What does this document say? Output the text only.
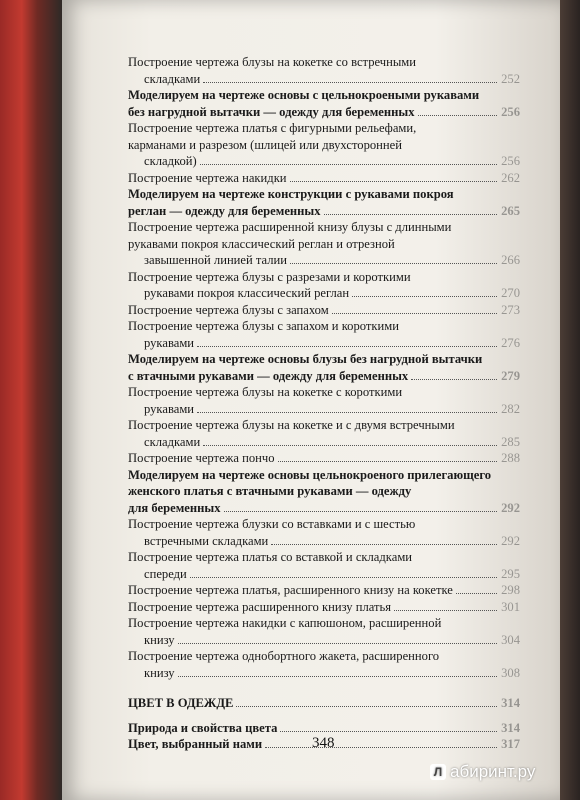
Построение чертежа блузы на кокетке со встречными
складками	252
Моделируем на чертеже основы с цельнокроеными рукавами
без нагрудной вытачки — одежду для беременных	256
Построение чертежа платья с фигурными рельефами,
карманами и разрезом (шлицей или двухсторонней
складкой)	256
Построение чертежа накидки	262
Моделируем на чертеже конструкции с рукавами покроя
реглан — одежду для беременных	265
Построение чертежа расширенной книзу блузы с длинными
рукавами покроя классический реглан и отрезной
завышенной линией талии	266
Построение чертежа блузы с разрезами и короткими
рукавами покроя классический реглан	270
Построение чертежа блузы с запахом	273
Построение чертежа блузы с запахом и короткими
рукавами	276
Моделируем на чертеже основы блузы без нагрудной вытачки
с втачными рукавами — одежду для беременных	279
Построение чертежа блузы на кокетке с короткими
рукавами	282
Построение чертежа блузы на кокетке и с двумя встречными
складками	285
Построение чертежа пончо	288
Моделируем на чертеже основы цельнокроеного прилегающего
женского платья с втачными рукавами — одежду
для беременных	292
Построение чертежа блузки со вставками и с шестью
встречными складками	292
Построение чертежа платья со вставкой и складками
спереди	295
Построение чертежа платья, расширенного книзу на кокетке	298
Построение чертежа расширенного книзу платья	301
Построение чертежа накидки с капюшоном, расширенной
книзу	304
Построение чертежа однобортного жакета, расширенного
книзу	308
ЦВЕТ В ОДЕЖДЕ	314
Природа и свойства цвета	314
Цвет, выбранный нами	317
348
Л абиринт.ру
